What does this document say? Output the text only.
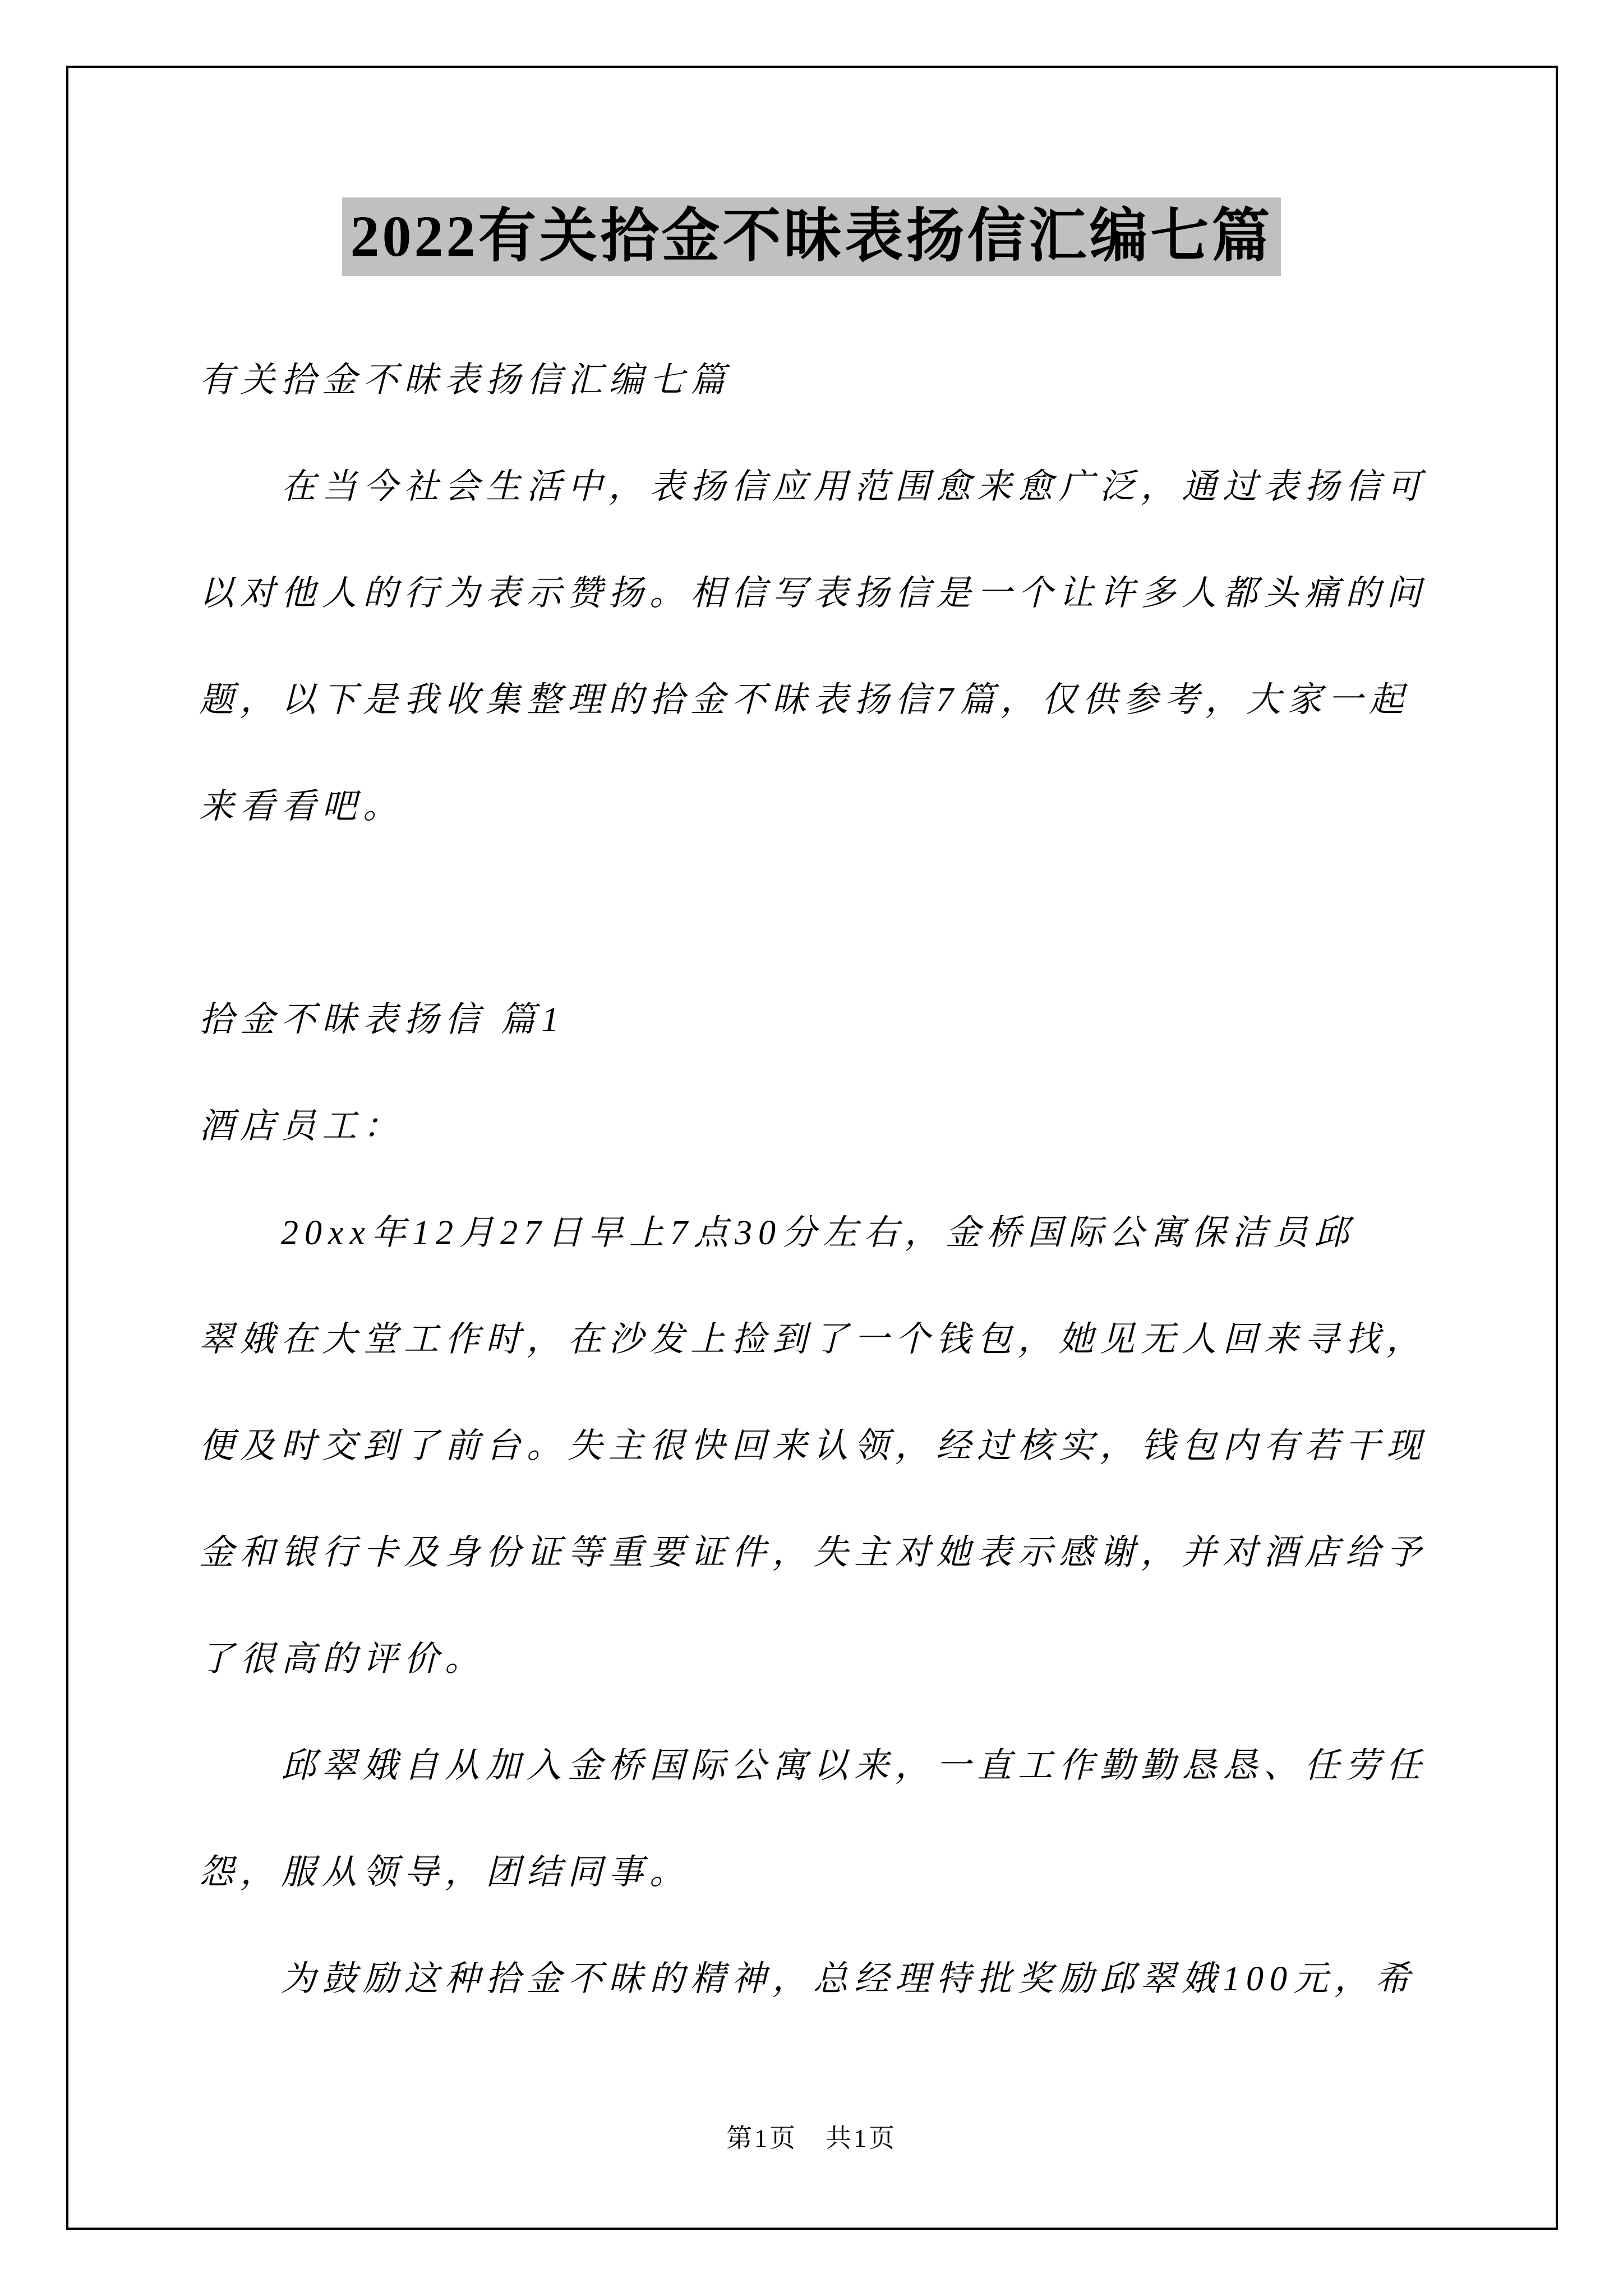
2022有关拾金不昧表扬信汇编七篇
有关拾金不昧表扬信汇编七篇
在当今社会生活中，表扬信应用范围愈来愈广泛，通过表扬信可
以对他人的行为表示赞扬。相信写表扬信是一个让许多人都头痛的问
题，以下是我收集整理的拾金不昧表扬信7篇，仅供参考，大家一起
来看看吧。
拾金不昧表扬信 篇1
酒店员工：
20xx年12月27日早上7点30分左右，金桥国际公寓保洁员邱
翠娥在大堂工作时，在沙发上捡到了一个钱包，她见无人回来寻找，
便及时交到了前台。失主很快回来认领，经过核实，钱包内有若干现
金和银行卡及身份证等重要证件，失主对她表示感谢，并对酒店给予
了很高的评价。
邱翠娥自从加入金桥国际公寓以来，一直工作勤勤恳恳、任劳任
怨，服从领导，团结同事。
为鼓励这种拾金不昧的精神，总经理特批奖励邱翠娥100元，希
第1页　共1页
